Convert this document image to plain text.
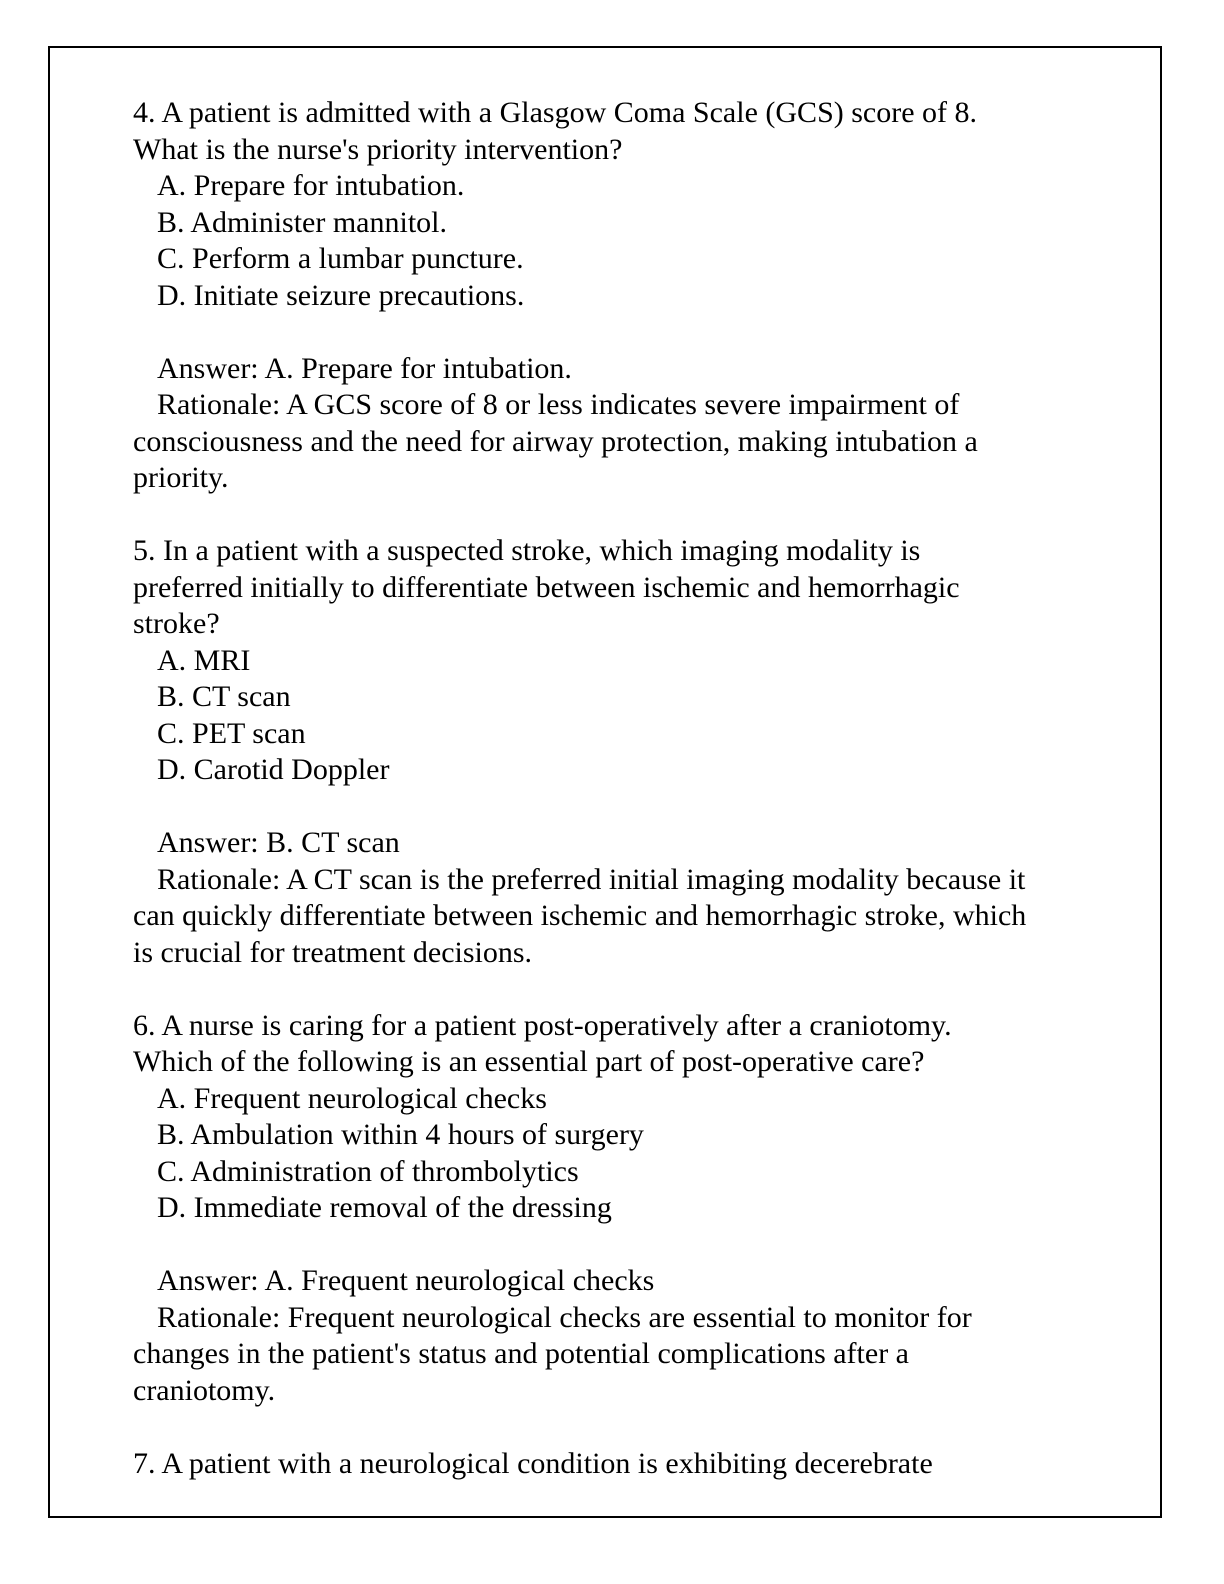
4. A patient is admitted with a Glasgow Coma Scale (GCS) score of 8.
What is the nurse's priority intervention?
A. Prepare for intubation.
B. Administer mannitol.
C. Perform a lumbar puncture.
D. Initiate seizure precautions.
Answer: A. Prepare for intubation.
Rationale: A GCS score of 8 or less indicates severe impairment of
consciousness and the need for airway protection, making intubation a
priority.
5. In a patient with a suspected stroke, which imaging modality is
preferred initially to differentiate between ischemic and hemorrhagic
stroke?
A. MRI
B. CT scan
C. PET scan
D. Carotid Doppler
Answer: B. CT scan
Rationale: A CT scan is the preferred initial imaging modality because it
can quickly differentiate between ischemic and hemorrhagic stroke, which
is crucial for treatment decisions.
6. A nurse is caring for a patient post-operatively after a craniotomy.
Which of the following is an essential part of post-operative care?
A. Frequent neurological checks
B. Ambulation within 4 hours of surgery
C. Administration of thrombolytics
D. Immediate removal of the dressing
Answer: A. Frequent neurological checks
Rationale: Frequent neurological checks are essential to monitor for
changes in the patient's status and potential complications after a
craniotomy.
7. A patient with a neurological condition is exhibiting decerebrate
